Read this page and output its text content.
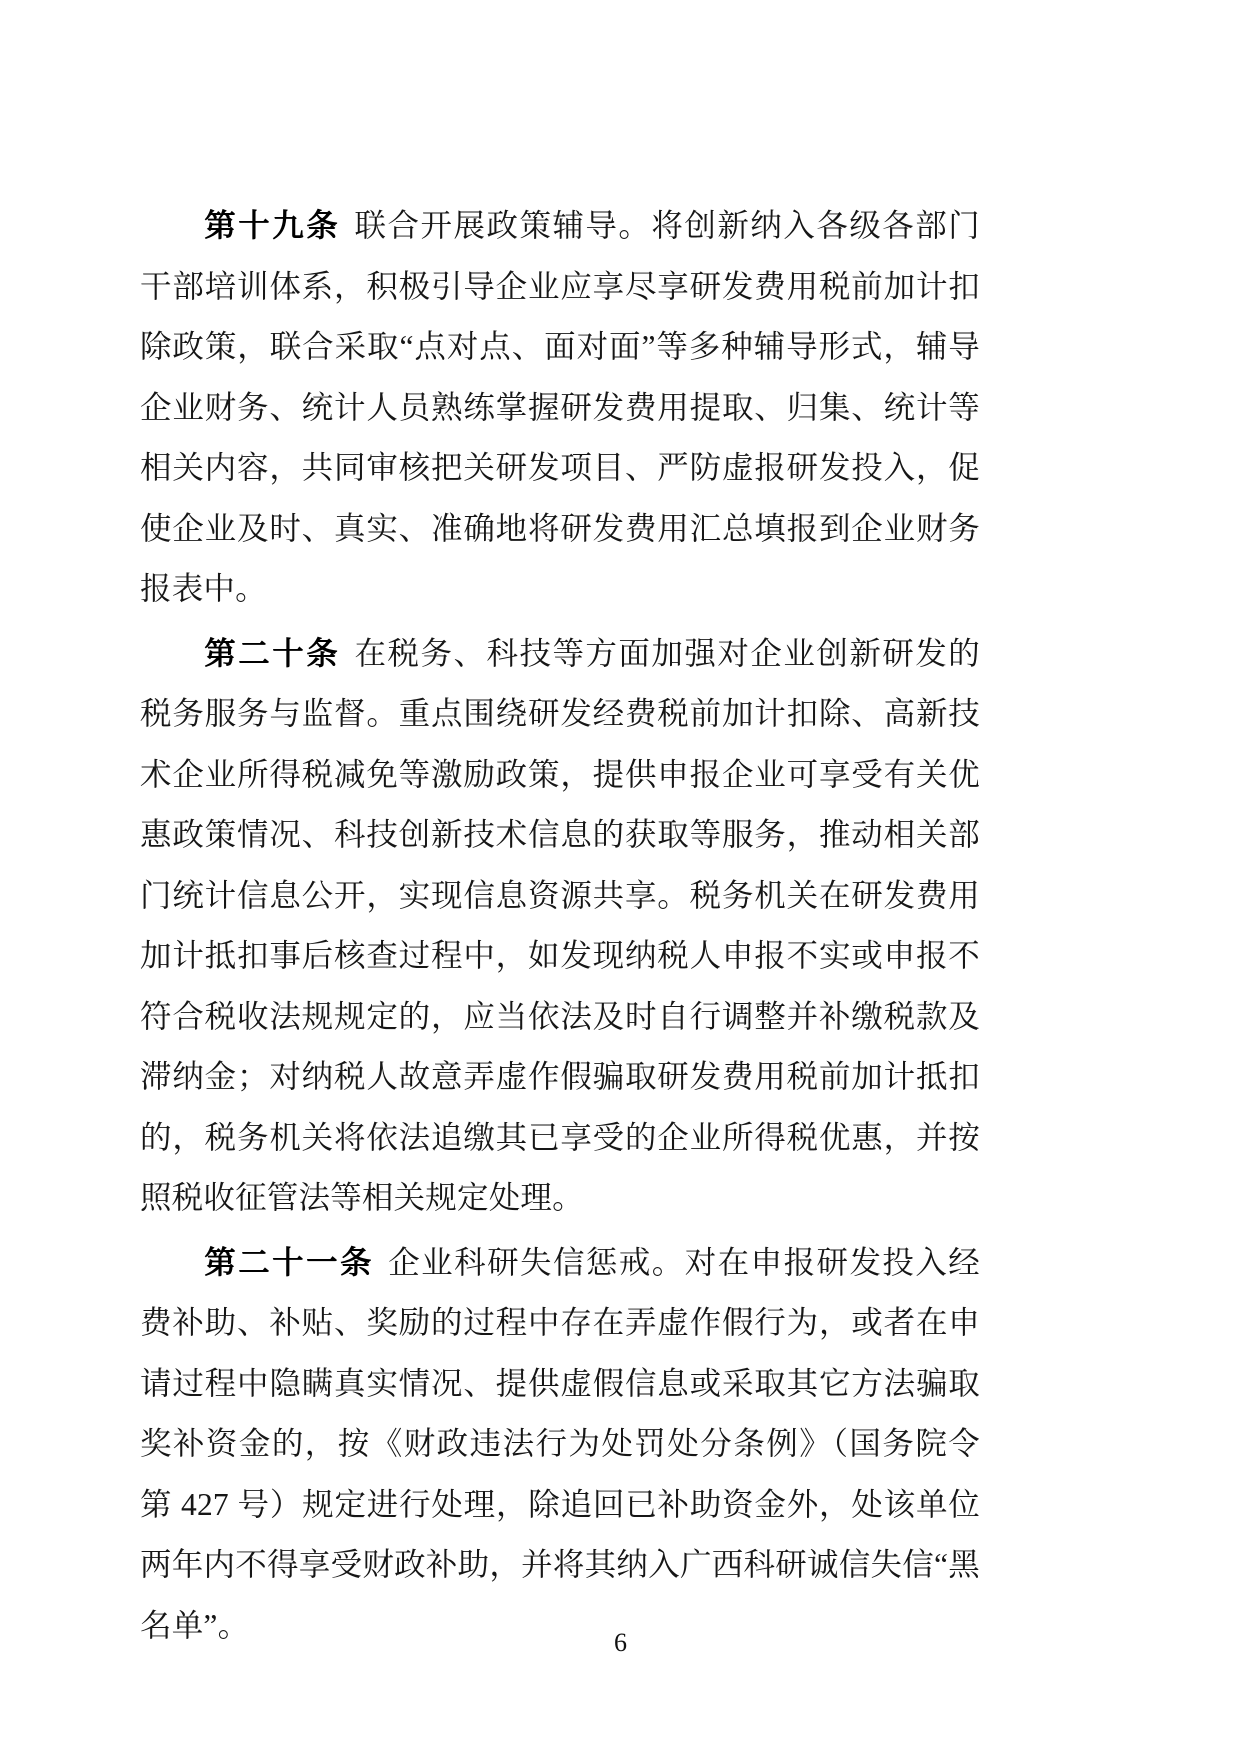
第十九条 联合开展政策辅导。将创新纳入各级各部门干部培训体系，积极引导企业应享尽享研发费用税前加计扣除政策，联合采取“点对点、面对面”等多种辅导形式，辅导企业财务、统计人员熟练掌握研发费用提取、归集、统计等相关内容，共同审核把关研发项目、严防虚报研发投入，促使企业及时、真实、准确地将研发费用汇总填报到企业财务报表中。

第二十条 在税务、科技等方面加强对企业创新研发的税务服务与监督。重点围绕研发经费税前加计扣除、高新技术企业所得税减免等激励政策，提供申报企业可享受有关优惠政策情况、科技创新技术信息的获取等服务，推动相关部门统计信息公开，实现信息资源共享。税务机关在研发费用加计抵扣事后核查过程中，如发现纳税人申报不实或申报不符合税收法规规定的，应当依法及时自行调整并补缴税款及滞纳金；对纳税人故意弄虚作假骗取研发费用税前加计抵扣的，税务机关将依法追缴其已享受的企业所得税优惠，并按照税收征管法等相关规定处理。

第二十一条 企业科研失信惩戒。对在申报研发投入经费补助、补贴、奖励的过程中存在弄虚作假行为，或者在申请过程中隐瞒真实情况、提供虚假信息或采取其它方法骗取奖补资金的，按《财政违法行为处罚处分条例》（国务院令第 427 号）规定进行处理，除追回已补助资金外，处该单位两年内不得享受财政补助，并将其纳入广西科研诚信失信“黑名单”。	6
